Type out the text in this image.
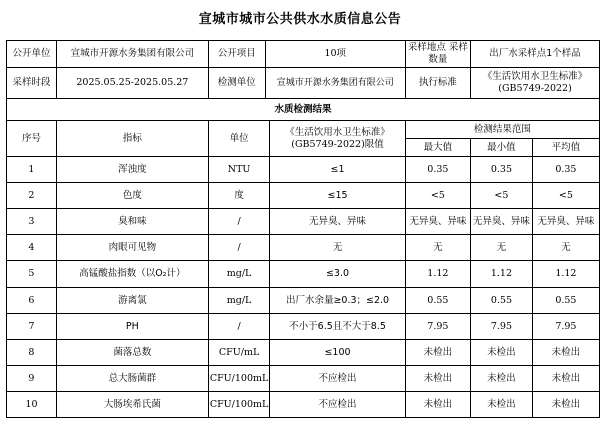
宣城市城市公共供水水质信息公告
公开单位	宣城市开源水务集团有限公司	公开项目 10项		采样地点 采样数量	出厂水采样点1个样品	
采样时段	2025.05.25-2025.05.27	检测单位 宣城市开源水务集团有限公司		执行标准	《生活饮用水卫生标准》(GB5749-2022)	
水质检测结果						
序号	指标	单位	《生活饮用水卫生标准》(GB5749-2022)限值	检测结果范围		
				最大值	最小值	平均值
1	浑浊度	NTU	≤1	0.35	0.35	0.35
2	色度	度	≤15	<5	<5	<5
3	臭和味	/	无异臭、异味	无异臭、异味	无异臭、异味	无异臭、异味
4	肉眼可见物	/	无	无	无	无
5	高锰酸盐指数（以O₂计）	mg/L	≤3.0	1.12	1.12	1.12
6	游离氯	mg/L	出厂水余量≥0.3；≤2.0	0.55	0.55	0.55
7	PH	/	不小于6.5且不大于8.5	7.95	7.95	7.95
8	菌落总数	CFU/mL	≤100	未检出	未检出	未检出
9	总大肠菌群	CFU/100mL	不应检出	未检出	未检出	未检出
10	大肠埃希氏菌	CFU/100mL	不应检出	未检出	未检出	未检出
